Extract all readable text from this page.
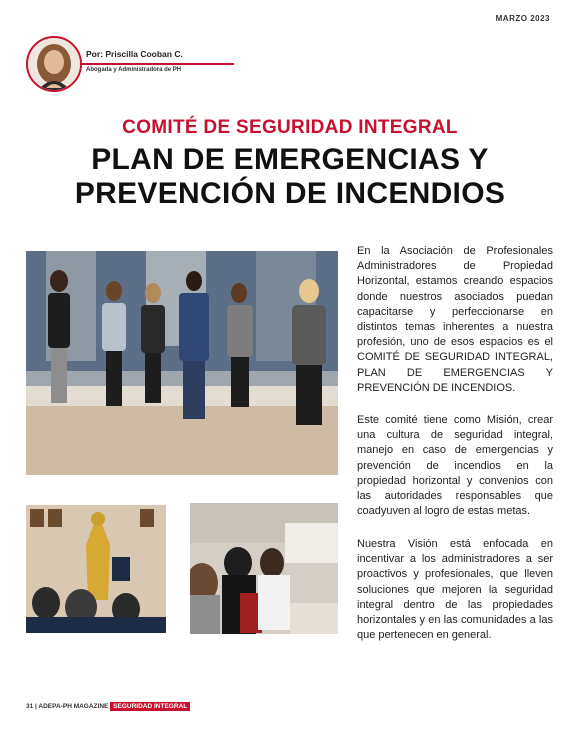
MARZO 2023
Por: Priscilla Cooban C.
Abogada y Administradora de PH
COMITÉ DE SEGURIDAD INTEGRAL
PLAN DE EMERGENCIAS Y
PREVENCIÓN DE INCENDIOS
En la Asociación de Profesionales Administradores de Propiedad Horizontal, estamos creando espacios donde nuestros asociados puedan capacitarse y perfeccionarse en distintos temas inherentes a nuestra profesión, uno de esos espacios es el COMITÉ DE SEGURIDAD INTEGRAL, PLAN DE EMERGENCIAS Y PREVENCIÓN DE INCENDIOS.
Este comité tiene como Misión, crear una cultura de seguridad integral, manejo en caso de emergencias y prevención de incendios en la propiedad horizontal y convenios con las autoridades responsables que coadyuven al logro de estas metas.
Nuestra Visión está enfocada en incentivar a los administradores a ser proactivos y profesionales, que lleven soluciones que mejoren la seguridad integral dentro de las propiedades horizontales y en las comunidades a las que pertenecen en general.
31 | ADEPA-PH MAGAZINE SEGURIDAD INTEGRAL
